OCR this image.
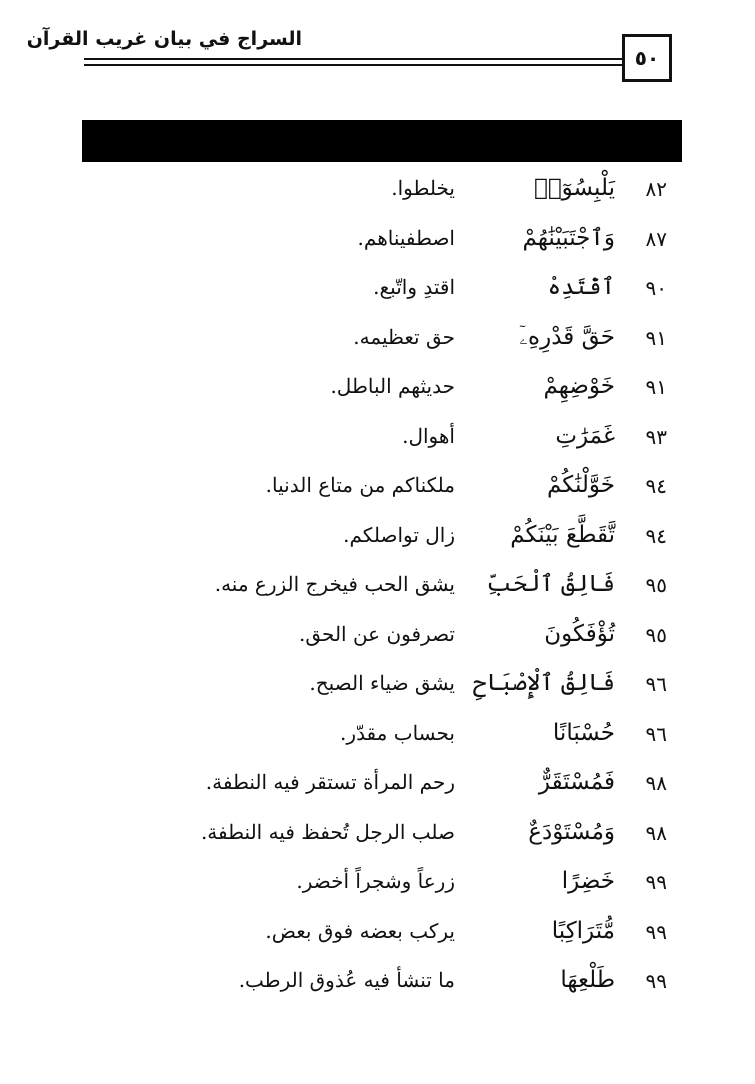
السراج في بيان غريب القرآن
٥٠
٨٢
يَلْبِسُوٓا۟
يخلطوا.
٨٧
وَٱجْتَبَيْنَٰهُمْ
اصطفيناهم.
٩٠
ٱقْتَدِهْ
اقتدِ واتّبع.
٩١
حَقَّ قَدْرِهِۦٓ
حق تعظيمه.
٩١
خَوْضِهِمْ
حديثهم الباطل.
٩٣
غَمَرَٰتِ
أهوال.
٩٤
خَوَّلْنَٰكُمْ
ملكناكم من متاع الدنيا.
٩٤
تَّقَطَّعَ بَيْنَكُمْ
زال تواصلكم.
٩٥
فَالِقُ ٱلْحَبِّ
يشق الحب فيخرج الزرع منه.
٩٥
تُؤْفَكُونَ
تصرفون عن الحق.
٩٦
فَالِقُ ٱلْإِصْبَاحِ
يشق ضياء الصبح.
٩٦
حُسْبَانًا
بحساب مقدّر.
٩٨
فَمُسْتَقَرٌّ
رحم المرأة تستقر فيه النطفة.
٩٨
وَمُسْتَوْدَعٌ
صلب الرجل تُحفظ فيه النطفة.
٩٩
خَضِرًا
زرعاً وشجراً أخضر.
٩٩
مُّتَرَاكِبًا
يركب بعضه فوق بعض.
٩٩
طَلْعِهَا
ما تنشأ فيه عُذوق الرطب.
